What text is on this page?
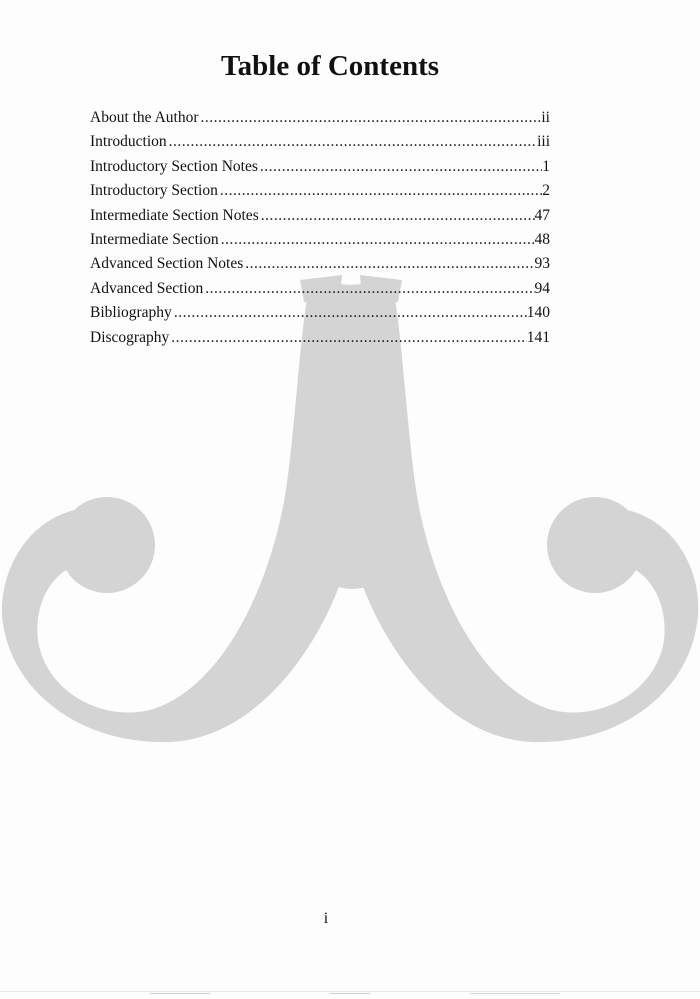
Table of Contents
About the Author .....	ii
Introduction .....	iii
Introductory Section Notes .....	1
Introductory Section .....	2
Intermediate Section Notes .....	47
Intermediate Section .....	48
Advanced Section Notes .....	93
Advanced Section .....	94
Bibliography .....	140
Discography .....	141
i
